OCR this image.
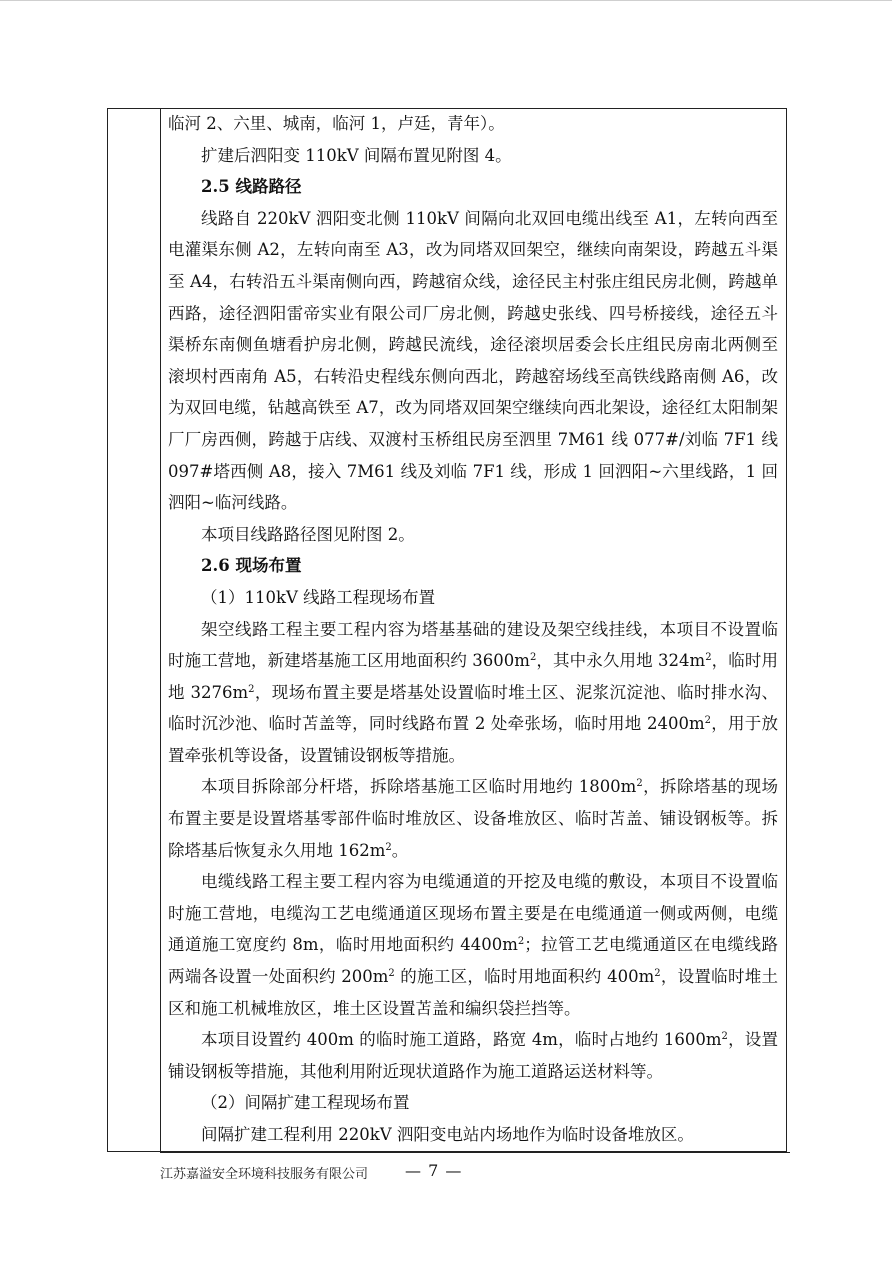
临河 2、六里、城南，临河 1，卢廷，青年）。

扩建后泗阳变 110kV 间隔布置见附图 4。

2.5 线路路径

线路自 220kV 泗阳变北侧 110kV 间隔向北双回电缆出线至 A1，左转向西至电灌渠东侧 A2，左转向南至 A3，改为同塔双回架空，继续向南架设，跨越五斗渠至 A4，右转沿五斗渠南侧向西，跨越宿众线，途径民主村张庄组民房北侧，跨越单西路，途径泗阳雷帝实业有限公司厂房北侧，跨越史张线、四号桥接线，途径五斗渠桥东南侧鱼塘看护房北侧，跨越民流线，途径滚坝居委会长庄组民房南北两侧至滚坝村西南角 A5，右转沿史程线东侧向西北，跨越窑场线至高铁线路南侧 A6，改为双回电缆，钻越高铁至 A7，改为同塔双回架空继续向西北架设，途径红太阳制架厂厂房西侧，跨越于店线、双渡村玉桥组民房至泗里 7M61 线 077#/刘临 7F1 线 097#塔西侧 A8，接入 7M61 线及刘临 7F1 线，形成 1 回泗阳~六里线路，1 回泗阳~临河线路。

本项目线路路径图见附图 2。

2.6 现场布置

（1）110kV 线路工程现场布置

架空线路工程主要工程内容为塔基基础的建设及架空线挂线，本项目不设置临时施工营地，新建塔基施工区用地面积约 $3600m^2$，其中永久用地 $324m^2$，临时用地 $3276m^2$，现场布置主要是塔基处设置临时堆土区、泥浆沉淀池、临时排水沟、临时沉沙池、临时苫盖等，同时线路布置 2 处牵张场，临时用地 $2400m^2$，用于放置牵张机等设备，设置铺设钢板等措施。

本项目拆除部分杆塔，拆除塔基施工区临时用地约 $1800m^2$，拆除塔基的现场布置主要是设置塔基零部件临时堆放区、设备堆放区、临时苫盖、铺设钢板等。拆除塔基后恢复永久用地 $162m^2$。

电缆线路工程主要工程内容为电缆通道的开挖及电缆的敷设，本项目不设置临时施工营地，电缆沟工艺电缆通道区现场布置主要是在电缆通道一侧或两侧，电缆通道施工宽度约 8m，临时用地面积约 $4400m^2$；拉管工艺电缆通道区在电缆线路两端各设置一处面积约 $200m^2$ 的施工区，临时用地面积约 $400m^2$，设置临时堆土区和施工机械堆放区，堆土区设置苫盖和编织袋拦挡等。

本项目设置约 400m 的临时施工道路，路宽 4m，临时占地约 $1600m^2$，设置铺设钢板等措施，其他利用附近现状道路作为施工道路运送材料等。

（2）间隔扩建工程现场布置

间隔扩建工程利用 220kV 泗阳变电站内场地作为临时设备堆放区。

江苏嘉溢安全环境科技服务有限公司 — 7 —
